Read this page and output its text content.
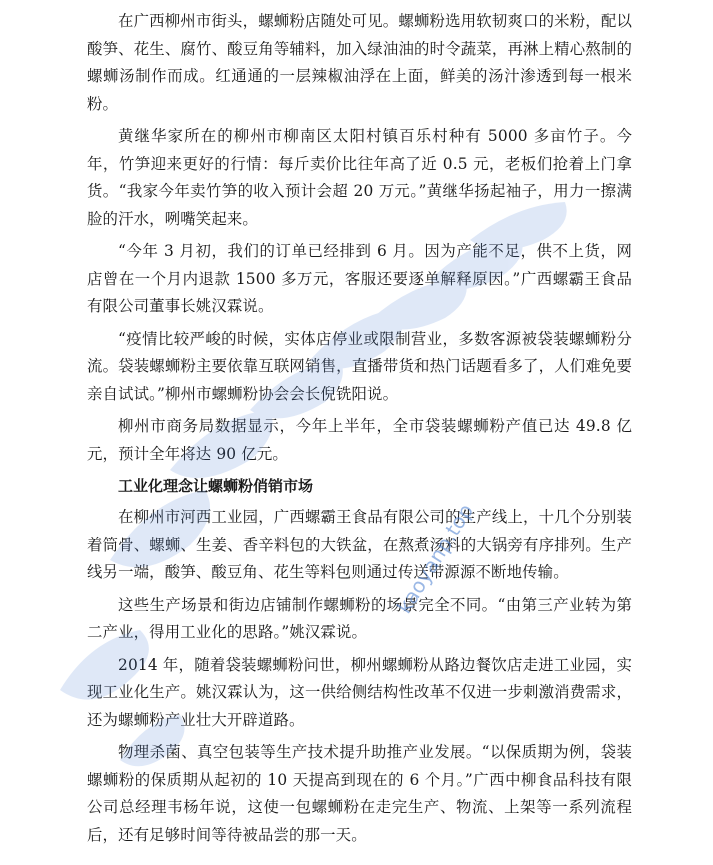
在广西柳州市街头，螺蛳粉店随处可见。螺蛳粉选用软韧爽口的米粉，配以酸笋、花生、腐竹、酸豆角等辅料，加入绿油油的时令蔬菜，再淋上精心熬制的螺蛳汤制作而成。红通通的一层辣椒油浮在上面，鲜美的汤汁渗透到每一根米粉。

黄继华家所在的柳州市柳南区太阳村镇百乐村种有 5000 多亩竹子。今年，竹笋迎来更好的行情：每斤卖价比往年高了近 0.5 元，老板们抢着上门拿货。“我家今年卖竹笋的收入预计会超 20 万元。”黄继华扬起袖子，用力一擦满脸的汗水，咧嘴笑起来。

“今年 3 月初，我们的订单已经排到 6 月。因为产能不足，供不上货，网店曾在一个月内退款 1500 多万元，客服还要逐单解释原因。”广西螺霸王食品有限公司董事长姚汉霖说。

“疫情比较严峻的时候，实体店停业或限制营业，多数客源被袋装螺蛳粉分流。袋装螺蛳粉主要依靠互联网销售，直播带货和热门话题看多了，人们难免要亲自试试。”柳州市螺蛳粉协会会长倪铣阳说。

柳州市商务局数据显示，今年上半年，全市袋装螺蛳粉产值已达 49.8 亿元，预计全年将达 90 亿元。

工业化理念让螺蛳粉俏销市场

在柳州市河西工业园，广西螺霸王食品有限公司的生产线上，十几个分别装着筒骨、螺蛳、生姜、香辛料包的大铁盆，在熬煮汤料的大锅旁有序排列。生产线另一端，酸笋、酸豆角、花生等料包则通过传送带源源不断地传输。

这些生产场景和街边店铺制作螺蛳粉的场景完全不同。“由第三产业转为第二产业，得用工业化的思路。”姚汉霖说。

2014 年，随着袋装螺蛳粉问世，柳州螺蛳粉从路边餐饮店走进工业园，实现工业化生产。姚汉霖认为，这一供给侧结构性改革不仅进一步刺激消费需求，还为螺蛳粉产业壮大开辟道路。

物理杀菌、真空包装等生产技术提升助推产业发展。“以保质期为例，袋装螺蛳粉的保质期从起初的 10 天提高到现在的 6 个月。”广西中柳食品科技有限公司总经理韦杨年说，这使一包螺蛳粉在走完生产、物流、上架等一系列流程后，还有足够时间等待被品尝的那一天。

kaoyanp.top
